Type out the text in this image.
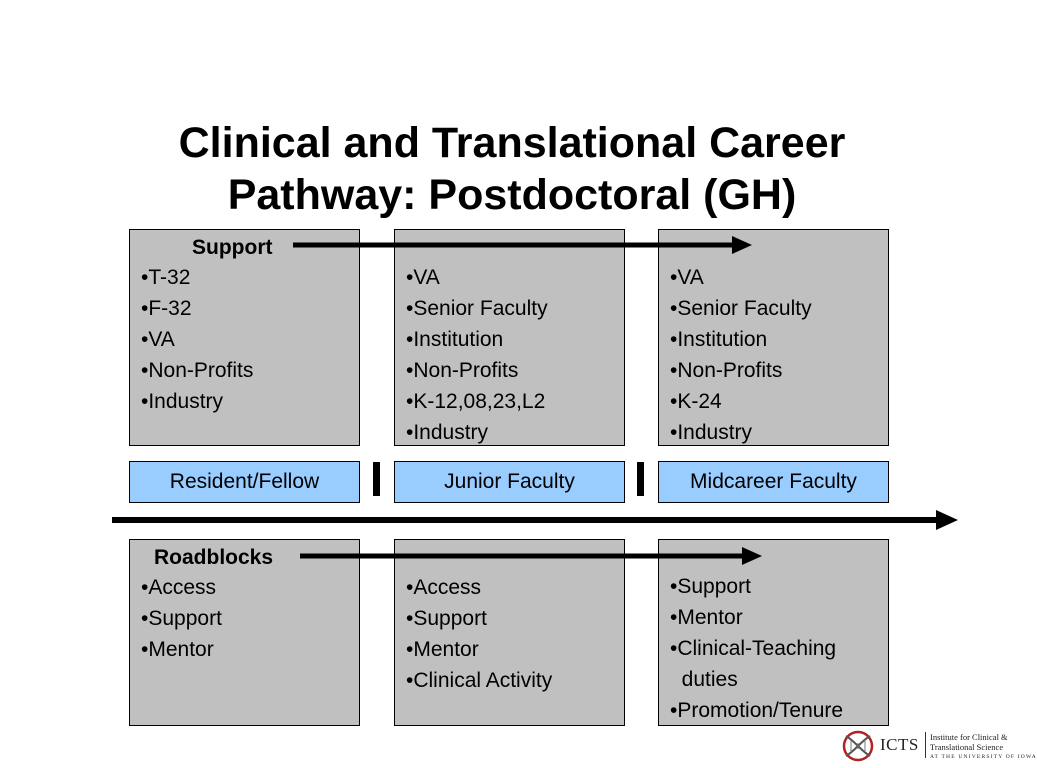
Clinical and Translational Career
Pathway: Postdoctoral (GH)
Support
•T-32
•F-32
•VA
•Non-Profits
•Industry
•VA
•Senior Faculty
•Institution
•Non-Profits
•K-12,08,23,L2
•Industry
•VA
•Senior Faculty
•Institution
•Non-Profits
•K-24
•Industry
Resident/Fellow	Junior Faculty	Midcareer Faculty
Roadblocks
•Access
•Support
•Mentor
•Access
•Support
•Mentor
•Clinical Activity
•Support
•Mentor
•Clinical-Teaching
duties
•Promotion/Tenure
ICTS Institute for Clinical &
Translational Science
AT THE UNIVERSITY OF IOWA
